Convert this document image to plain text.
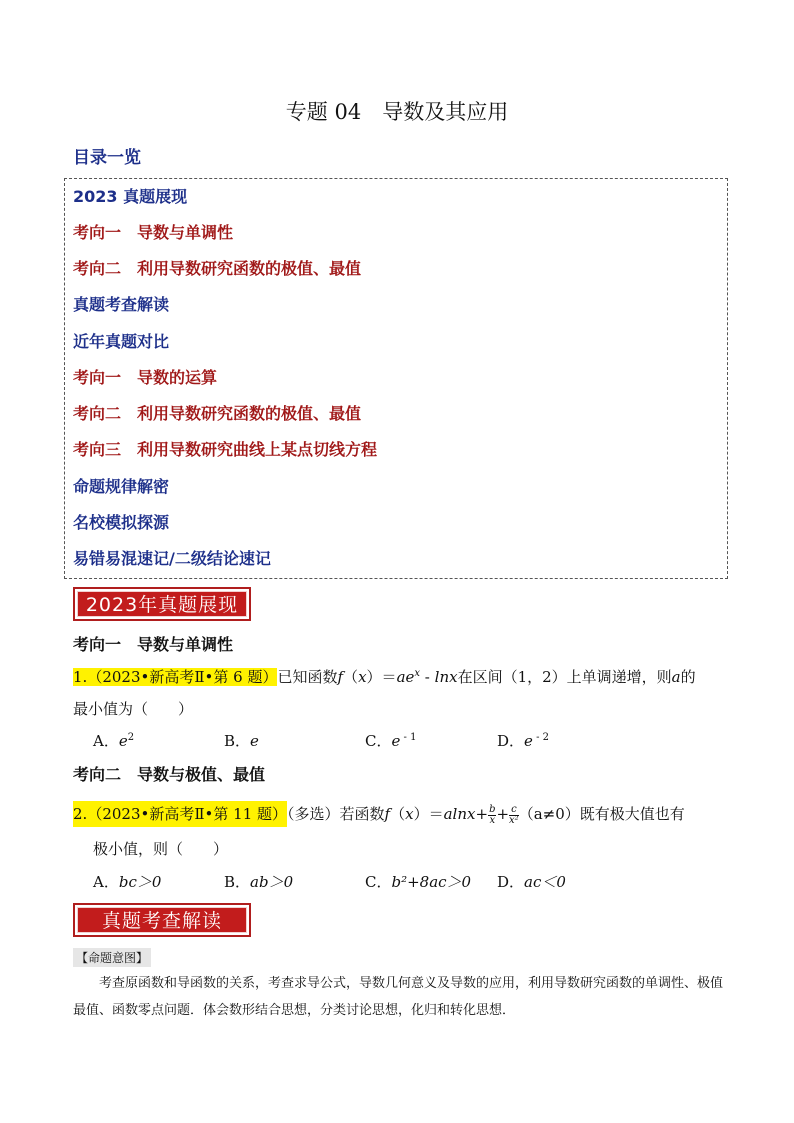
专题 04　导数及其应用
目录一览
2023 真题展现
考向一　导数与单调性
考向二　利用导数研究函数的极值、最值
真题考查解读
近年真题对比
考向一　导数的运算
考向二　利用导数研究函数的极值、最值
考向三　利用导数研究曲线上某点切线方程
命题规律解密
名校模拟探源
易错易混速记/二级结论速记
2023年真题展现
考向一　导数与单调性
1.（2023•新高考Ⅱ•第 6 题）已知函数$f(x)=ae^x - \ln x$在区间（1，2）上单调递增，则a的
最小值为（　　）
A．$e^2$	B．e	C．e $^{- 1}$	D．e $^{- 2}$
考向二　导数与极值、最值
2.（2023•新高考Ⅱ•第 11 题）（多选）若函数$f(x)=alnx+ \frac{b}{x} + \frac{c}{\text{x²}} (a\ne 0)$既有极大值也有
极小值，则（　　）
A．bc＞0	B．ab＞0	C．b²+8ac＞0 D．ac＜0
真题考查解读
【命题意图】
考查原函数和导函数的关系，考查求导公式，导数几何意义及导数的应用，利用导数研究函数的单调性、极值最值、函数零点问题．体会数形结合思想，分类讨论思想，化归和转化思想．
